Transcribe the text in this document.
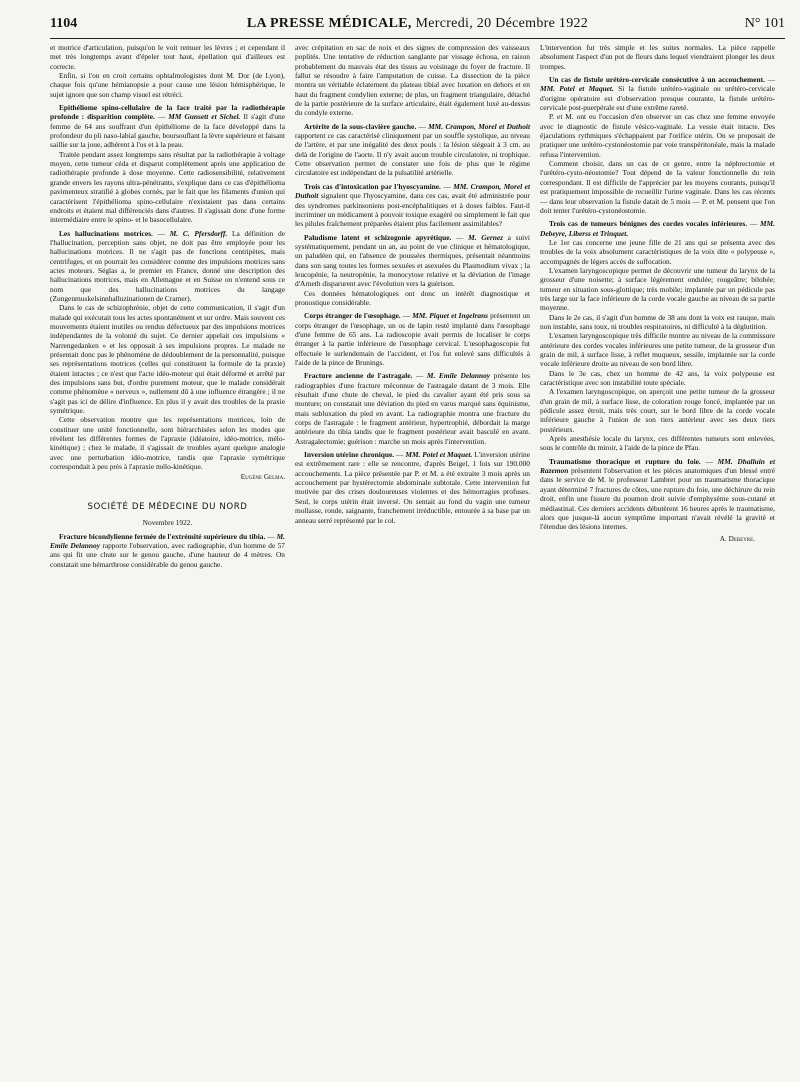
1104	LA PRESSE MÉDICALE, Mercredi, 20 Décembre 1922	N° 101

et motrice d'articulation, puisqu'on le voit remuer les lèvres ; et cependant il met très longtemps avant d'épeler tout haut, épellation qui d'ailleurs est correcte.

Enfin, si l'on en croit certains ophtalmologistes dont M. Dor (de Lyon), chaque fois qu'une hémianopsie a pour cause une lésion hémisphérique, le sujet ignore que son champ visuel est rétréci.

Epithéliome spino-cellulaire de la face traité par la radiothérapie profonde : disparition complète. — MM Gunsett et Sichel. Il s'agit d'une femme de 64 ans souffrant d'un épithéliome de la face développé dans la profondeur du pli naso-labial gauche, boursouflant la lèvre supérieure et faisant saillie sur la joue, adhérent à l'os et à la peau.

Traitée pendant assez longtemps sans résultat par la radiothérapie à voltage moyen, cette tumeur céda et disparut complètement après une application de radiothérapie profonde à dose moyenne. Cette radiosensibilité, relativement grande envers les rayons ultra-pénétrants, s'explique dans ce cas d'épithélioma pavimenteux stratifié à globes cornés, par le fait que les filaments d'union qui caractérisent l'épithélioma spino-cellulaire n'existaient pas dans certains endroits et étaient mal différenciés dans d'autres. Il s'agissait donc d'une forme intermédiaire entre le spino- et le basocellulaire.

Les hallucinations motrices. — M. C. Pfersdorff. La définition de l'hallucination, perception sans objet, ne doit pas être employée pour les hallucinations motrices. Il ne s'agit pas de fonctions centripètes, mais centrifuges, et on pourrait les considérer comme des impulsions motrices sans actes moteurs. Séglas a, le premier en France, donné une description des hallucinations motrices, mais en Allemagne et en Suisse on n'entend sous ce nom que des hallucinations motrices du langage (Zungenmuskelsinnhalluzinationen de Cramer).

Dans le cas de schizophrénie, objet de cette communication, il s'agit d'un malade qui exécutait tous les actes spontanément et sur ordre. Mais souvent ces mouvements étaient inutiles ou rendus défectueux par des impulsions motrices indépendantes de la volonté du sujet. Ce dernier appelait ces impulsions « Narrengedanken » et les opposait à ses impulsions propres. Le malade ne présentait donc pas le phénomène de dédoublement de la personnalité, puisque ses représentations motrices (celles qui constituent la formule de la praxie) étaient intactes ; ce n'est que l'acte idéo-moteur qui était déformé et arrêté par des impulsions sans but, d'ordre purement moteur, que le malade considérait comme phénomène « nerveux », nullement dû à une influence étrangère ; il ne s'agit pas ici de délire d'influence. En plus il y avait des troubles de la praxie symétrique.

Cette observation montre que les représentations motrices, loin de constituer une unité fonctionnelle, sont hiérarchisées selon les modes que révèlent les différentes formes de l'apraxie (idéatoire, idéo-motrice, mélo-kinétique) ; chez le malade, il s'agissait de troubles ayant quelque analogie avec une perturbation idéo-motrice, tandis que l'apraxie symétrique correspondait à peu près à l'apraxie mélo-kinétique.

Eugène Gelma.
SOCIÉTÉ DE MÉDECINE DU NORD
Novembre 1922.

Fracture bicondylienne fermée de l'extrémité supérieure du tibia. — M. Emile Delannoy rapporte l'observation, avec radiographie, d'un homme de 57 ans qui fit une chute sur le genou gauche, d'une hauteur de 4 mètres. On constatait une hémarthrose considérable du genou gauche.

avec crépitation en sac de noix et des signes de compression des vaisseaux poplités. Une tentative de réduction sanglante par vissage échoua, en raison probablement du mauvais état des tissus au voisinage du foyer de fracture. Il fallut se résoudre à faire l'amputation de cuisse. La dissection de la pièce montra un véritable éclatement du plateau tibial avec luxation en dehors et en haut du fragment condylien externe; de plus, un fragment triangulaire, détaché de la partie postérieure de la surface articulaire, était également luxé au-dessus du condyle externe.

Artérite de la sous-clavière gauche. — MM. Crampon, Morel et Duthoit rapportent ce cas caractérisé cliniquement par un souffle systolique, au niveau de l'artère, et par une inégalité des deux pouls : la lésion siégeait à 3 cm. au delà de l'origine de l'aorte. Il n'y avait aucun trouble circulatoire, ni trophique. Cette observation permet de constater une fois de plus que le régime circulatoire est indépendant de la pulsatilité artérielle.

Trois cas d'intoxication par l'hyoscyamine. — MM. Crampon, Morel et Duthoit signalent que l'hyoscyamine, dans ces cas, avait été administrée pour des syndromes parkinsoniens post-encéphalitiques et à doses faibles. Faut-il incriminer un médicament à pouvoir toxique exagéré ou simplement le fait que les pilules fraîchement préparées étaient plus facilement assimilables?

Paludisme latent et schizogonie apyrétique. — M. Gernez a suivi systématiquement, pendant un an, au point de vue clinique et hématologique, un paludéen qui, en l'absence de poussées thermiques, présentait néanmoins dans son sang toutes les formes sexuées et asexuées du Plasmodium vivax ; la leucopénie, la neutropénie, la monocytose relative et la déviation de l'image d'Arneth disparurent avec l'évolution vers la guérison.

Ces données hématologiques ont donc un intérêt diagnostique et pronostique considérable.

Corps étranger de l'œsophage. — MM. Piquet et Ingelrans présentent un corps étranger de l'œsophage, un os de lapin resté implanté dans l'œsophage d'une femme de 65 ans. La radioscopie avait permis de localiser le corps étranger à la partie inférieure de l'œsophage cervical. L'œsophagoscopie fut effectuée le surlendemain de l'accident, et l'os fut enlevé sans difficultés à l'aide de la pince de Brunings.

Fracture ancienne de l'astragale. — M. Emile Delannoy présente les radiographies d'une fracture méconnue de l'astragale datant de 3 mois. Elle résultait d'une chute de cheval, le pied du cavalier ayant été pris sous sa monture; on constatait une déviation du pied en varus marqué sans équinisme, mais subluxation du pied en avant. La radiographie montra une fracture du corps de l'astragale : le fragment antérieur, hypertrophié, débordait la marge antérieure du tibia tandis que le fragment postérieur avait basculé en avant. Astragalectomie; guérison : marche un mois après l'intervention.

Inversion utérine chronique. — MM. Potel et Maquet. L'inversion utérine est extrêmement rare : elle se rencontre, d'après Beigel, 1 fois sur 190.000 accouchements. La pièce présentée par P. et M. a été extraite 3 mois après un accouchement par hystérectomie abdominale subtotale. Cette intervention fut motivée par des crises douloureuses violentes et des hémorragies profuses. Seul, le corps utérin était inversé. On sentait au fond du vagin une tumeur mollasse, ronde, saignante, franchement irréductible, entourée à sa base par un anneau serré représenté par le col.

L'intervention fut très simple et les suites normales. La pièce rappelle absolument l'aspect d'un pot de fleurs dans lequel viendraient plonger les deux trompes.

Un cas de fistule urétéro-cervicale consécutive à un accouchement. — MM. Potel et Maquet. Si la fistule urétéro-vaginale ou urétéro-cervicale d'origine opératoire est d'observation presque courante, la fistule urétéro-cervicale post-puerpérale est d'une extrême rareté.

P. et M. ont eu l'occasion d'en observer un cas chez une femme envoyée avec le diagnostic de fistule vésico-vaginale. La vessie était intacte. Des éjaculations rythmiques s'échappaient par l'orifice utérin. On se proposait de pratiquer une urétéro-cystonéostomie par voie transpéritonéale, mais la malade refusa l'intervention.

Comment choisir, dans un cas de ce genre, entre la néphrectomie et l'urétéro-cysto-néostomie? Tout dépend de la valeur fonctionnelle du rein correspondant. Il est difficile de l'apprécier par les moyens courants, puisqu'il est pratiquement impossible de recueillir l'urine vaginale. Dans les cas récents — dans leur observation la fistule datait de 5 mois — P. et M. pensent que l'on doit tenter l'urétéro-cystonéostomie.

Trois cas de tumeurs bénignes des cordes vocales inférieures. — MM. Debeyre, Liberss et Trinquet.

Le 1er cas concerne une jeune fille de 21 ans qui se présenta avec des troubles de la voix absolument caractéristiques de la voix dite « polypeuse », accompagnés de légers accès de suffocation.

L'examen laryngoscopique permet de découvrir une tumeur du larynx de la grosseur d'une noisette; à surface légèrement ondulée; rougeâtre; bilobée; tumeur en situation sous-glottique; très mobile; implantée par un pédicule pas très large sur la face inférieure de la corde vocale gauche au niveau de sa partie moyenne.

Dans le 2e cas, il s'agit d'un homme de 38 ans dont la voix est rauque, mais non instable, sans toux, ni troubles respiratoires, ni difficulté à la déglutition.

L'examen laryngoscopique très difficile montre au niveau de la commissure antérieure des cordes vocales inférieures une petite tumeur, de la grosseur d'un grain de mil, à surface lisse, à reflet muqueux, sessile, implantée sur la corde vocale inférieure droite au niveau de son bord libre.

Dans le 3e cas, chez un homme de 42 ans, la voix polypeuse est caractéristique avec son instabilité toute spéciale.

A l'examen laryngoscopique, on aperçoit une petite tumeur de la grosseur d'un grain de mil, à surface lisse, de coloration rouge foncé, implantée par un pédicule assez étroit, mais très court, sur le bord libre de la corde vocale inférieure gauche à l'union de son tiers antérieur avec ses deux tiers postérieurs.

Après anesthésie locale du larynx, ces différentes tumeurs sont enlevées, sous le contrôle du miroir, à l'aide de la pince de Pfau.

Traumatisme thoracique et rupture du foie. — MM. Dhalluin et Razemon présentent l'observation et les pièces anatomiques d'un blessé entré dans le service de M. le professeur Lambret pour un traumatisme thoracique ayant déterminé 7 fractures de côtes, une rupture du foie, une déchirure du rein droit, enfin une fissure du poumon droit suivie d'emphysème sous-cutané et médiastinal. Ces derniers accidents débutèrent 16 heures après le traumatisme, alors que jusque-là aucun symptôme important n'avait révélé la gravité et l'étendue des lésions internes.

A. Debeyre.
